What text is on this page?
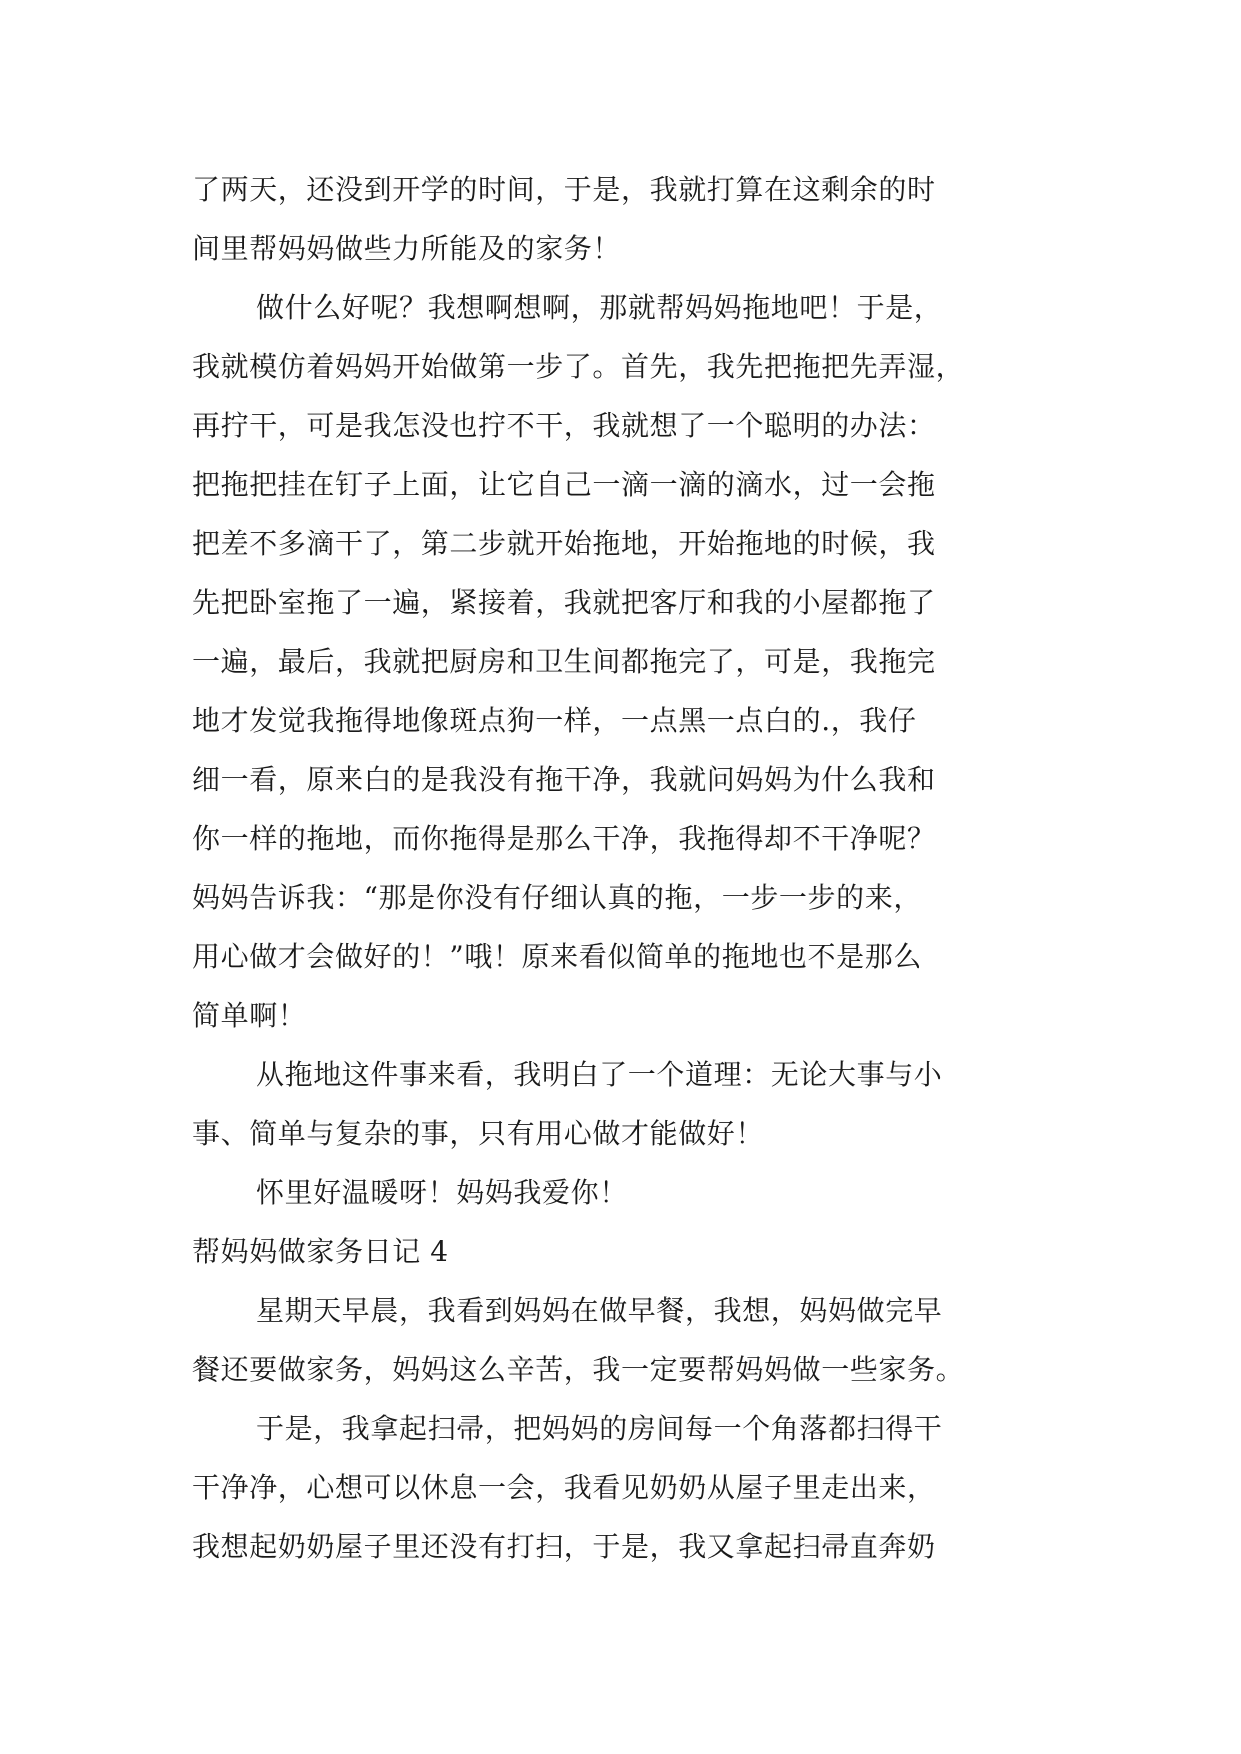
了两天，还没到开学的时间，于是，我就打算在这剩余的时
间里帮妈妈做些力所能及的家务！
做什么好呢？我想啊想啊，那就帮妈妈拖地吧！于是，
我就模仿着妈妈开始做第一步了。首先，我先把拖把先弄湿，
再拧干，可是我怎没也拧不干，我就想了一个聪明的办法：
把拖把挂在钉子上面，让它自己一滴一滴的滴水，过一会拖
把差不多滴干了，第二步就开始拖地，开始拖地的时候，我
先把卧室拖了一遍，紧接着，我就把客厅和我的小屋都拖了
一遍，最后，我就把厨房和卫生间都拖完了，可是，我拖完
地才发觉我拖得地像斑点狗一样，一点黑一点白的.，我仔
细一看，原来白的是我没有拖干净，我就问妈妈为什么我和
你一样的拖地，而你拖得是那么干净，我拖得却不干净呢？
妈妈告诉我：“那是你没有仔细认真的拖，一步一步的来，
用心做才会做好的！”哦！原来看似简单的拖地也不是那么
简单啊！
从拖地这件事来看，我明白了一个道理：无论大事与小
事、简单与复杂的事，只有用心做才能做好！
怀里好温暖呀！妈妈我爱你！
帮妈妈做家务日记 4
星期天早晨，我看到妈妈在做早餐，我想，妈妈做完早
餐还要做家务，妈妈这么辛苦，我一定要帮妈妈做一些家务。
于是，我拿起扫帚，把妈妈的房间每一个角落都扫得干
干净净，心想可以休息一会，我看见奶奶从屋子里走出来，
我想起奶奶屋子里还没有打扫，于是，我又拿起扫帚直奔奶
